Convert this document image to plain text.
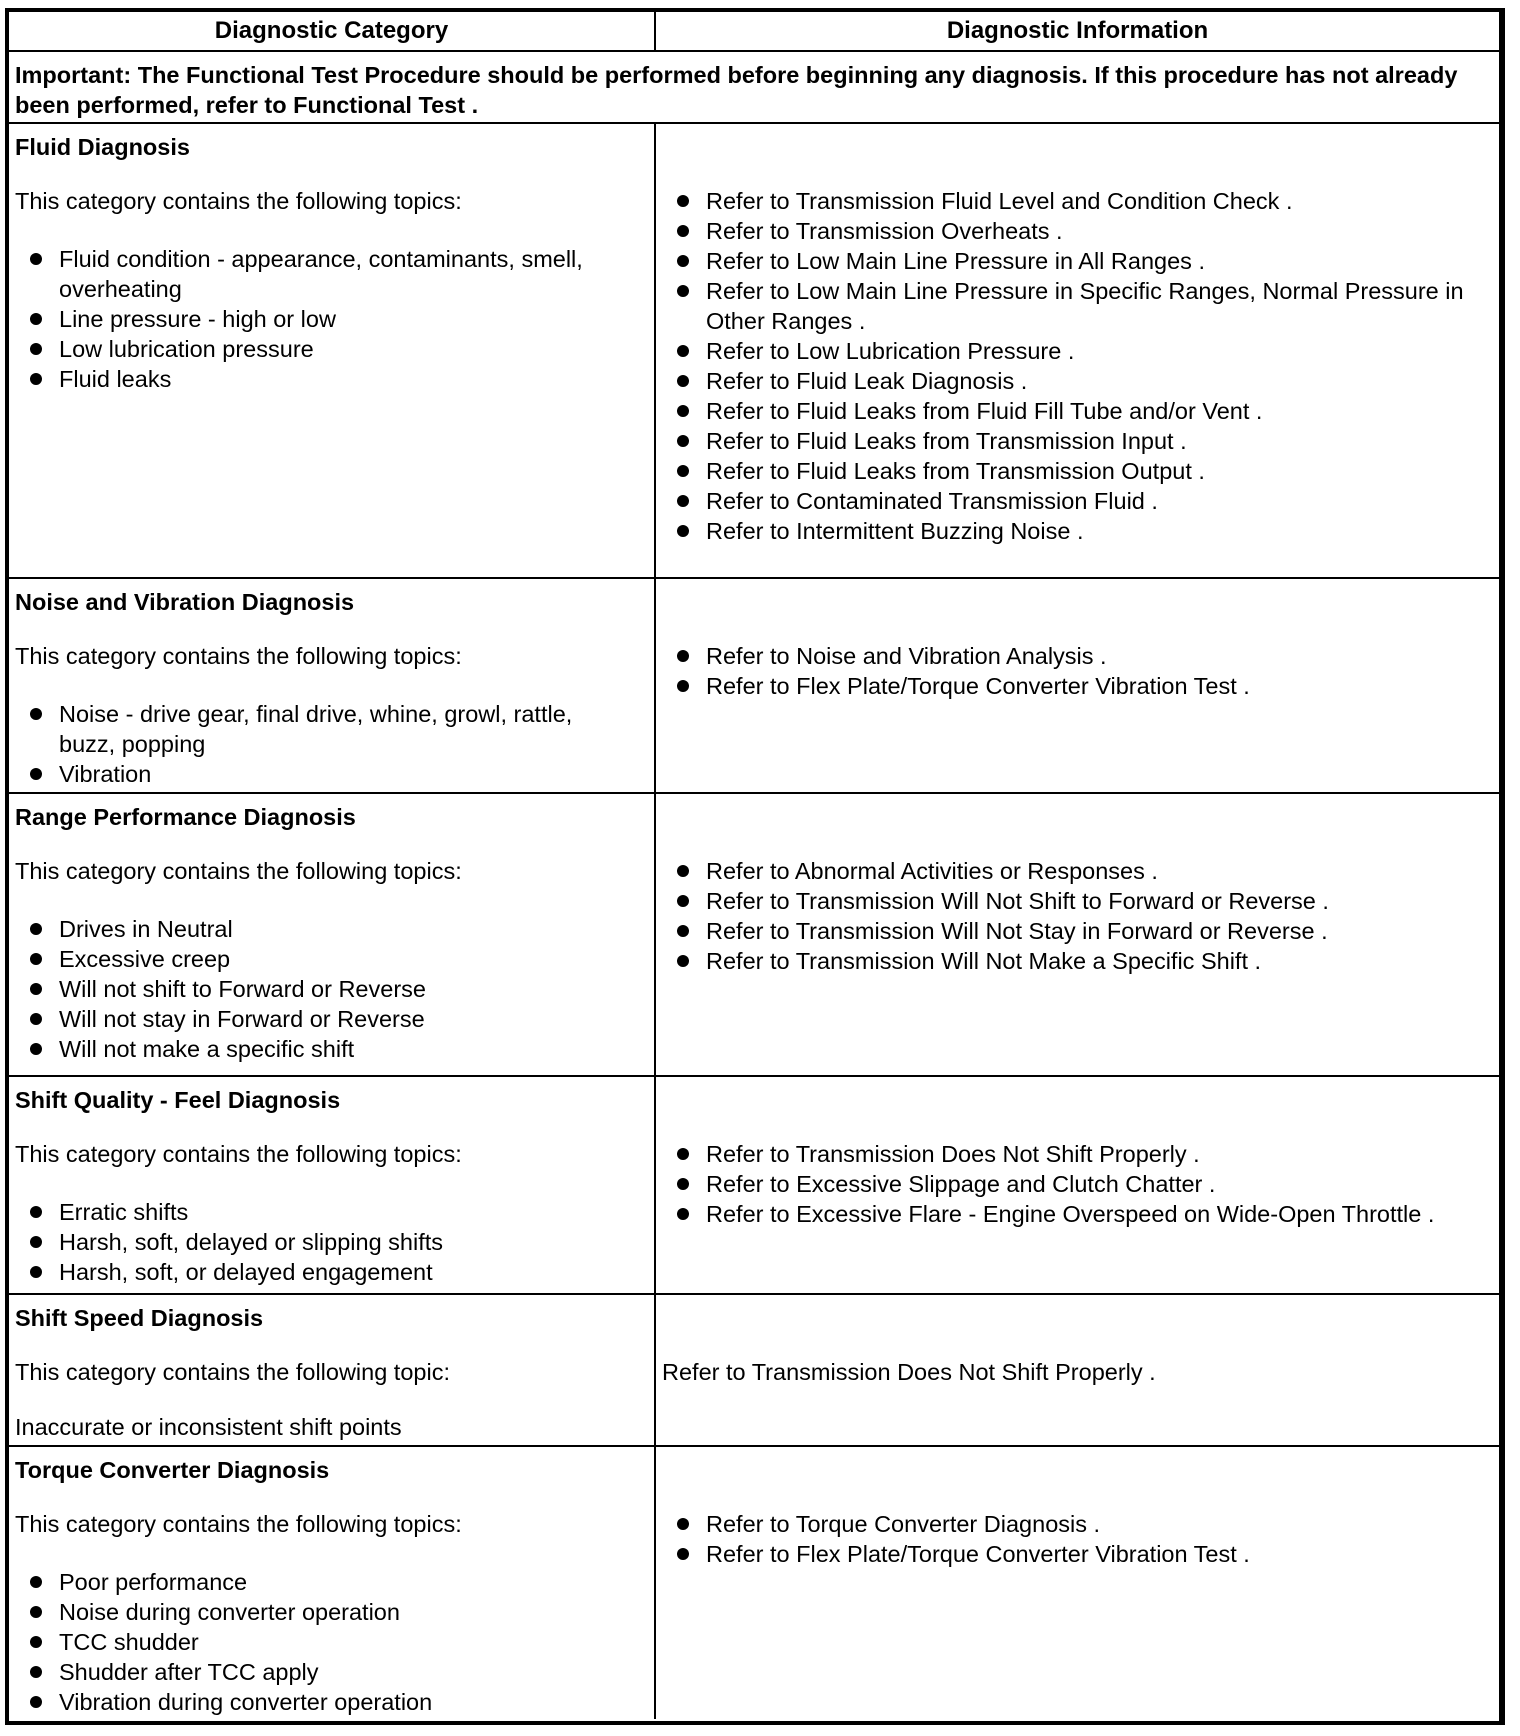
Diagnostic Category	Diagnostic Information
Important: The Functional Test Procedure should be performed before beginning any diagnosis. If this procedure has not already been performed, refer to Functional Test .
Fluid Diagnosis
This category contains the following topics:
Fluid condition - appearance, contaminants, smell, overheating
Line pressure - high or low
Low lubrication pressure
Fluid leaks
Refer to Transmission Fluid Level and Condition Check .
Refer to Transmission Overheats .
Refer to Low Main Line Pressure in All Ranges .
Refer to Low Main Line Pressure in Specific Ranges, Normal Pressure in Other Ranges .
Refer to Low Lubrication Pressure .
Refer to Fluid Leak Diagnosis .
Refer to Fluid Leaks from Fluid Fill Tube and/or Vent .
Refer to Fluid Leaks from Transmission Input .
Refer to Fluid Leaks from Transmission Output .
Refer to Contaminated Transmission Fluid .
Refer to Intermittent Buzzing Noise .
Noise and Vibration Diagnosis
This category contains the following topics:
Noise - drive gear, final drive, whine, growl, rattle, buzz, popping
Vibration
Refer to Noise and Vibration Analysis .
Refer to Flex Plate/Torque Converter Vibration Test .
Range Performance Diagnosis
This category contains the following topics:
Drives in Neutral
Excessive creep
Will not shift to Forward or Reverse
Will not stay in Forward or Reverse
Will not make a specific shift
Refer to Abnormal Activities or Responses .
Refer to Transmission Will Not Shift to Forward or Reverse .
Refer to Transmission Will Not Stay in Forward or Reverse .
Refer to Transmission Will Not Make a Specific Shift .
Shift Quality - Feel Diagnosis
This category contains the following topics:
Erratic shifts
Harsh, soft, delayed or slipping shifts
Harsh, soft, or delayed engagement
Refer to Transmission Does Not Shift Properly .
Refer to Excessive Slippage and Clutch Chatter .
Refer to Excessive Flare - Engine Overspeed on Wide-Open Throttle .
Shift Speed Diagnosis
This category contains the following topic:
Inaccurate or inconsistent shift points
Refer to Transmission Does Not Shift Properly .
Torque Converter Diagnosis
This category contains the following topics:
Poor performance
Noise during converter operation
TCC shudder
Shudder after TCC apply
Vibration during converter operation
Refer to Torque Converter Diagnosis .
Refer to Flex Plate/Torque Converter Vibration Test .
